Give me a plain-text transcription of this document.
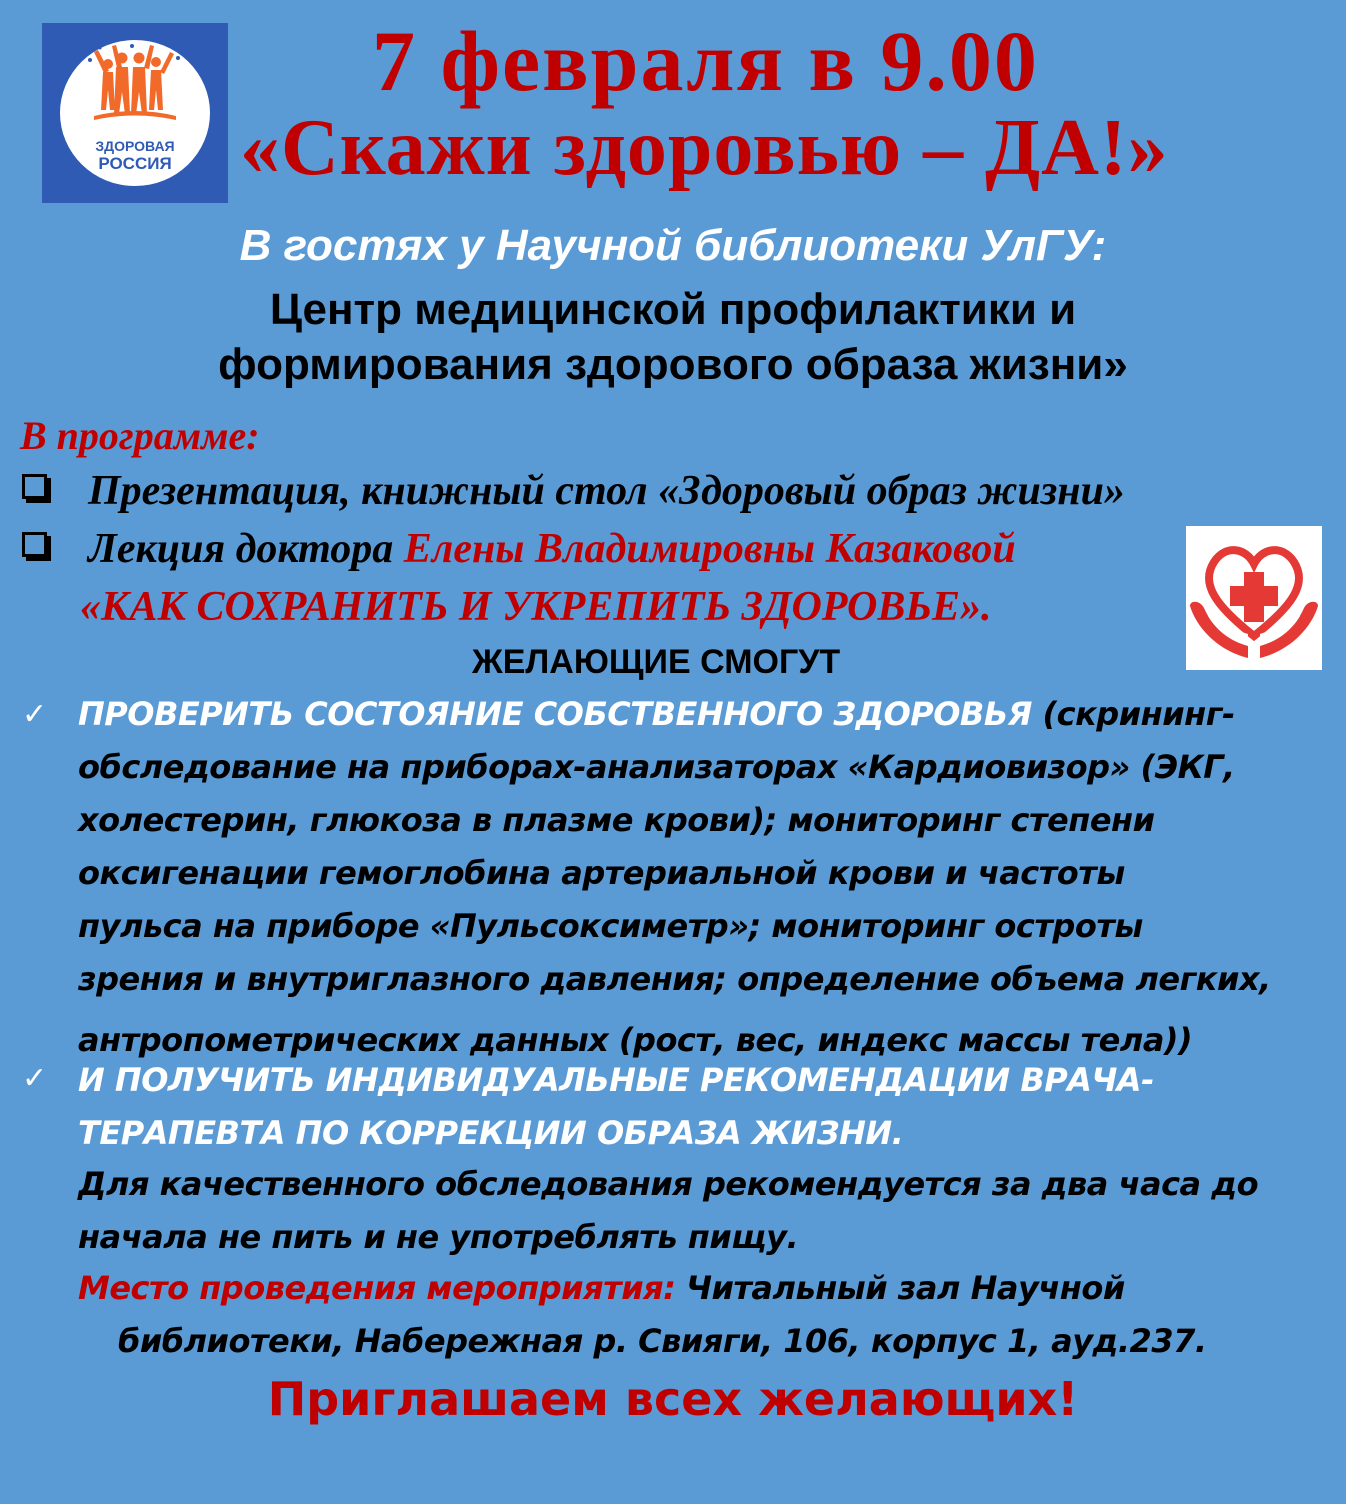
ЗДОРОВАЯ
РОССИЯ
7 февраля в 9.00
«Скажи здоровью – ДА!»
В гостях у Научной библиотеки УлГУ:
Центр медицинской профилактики и
формирования здорового образа жизни»
В программе:
Презентация, книжный стол «Здоровый образ жизни»
Лекция доктора Елены Владимировны Казаковой
«КАК СОХРАНИТЬ И УКРЕПИТЬ ЗДОРОВЬЕ».
ЖЕЛАЮЩИЕ СМОГУТ
✓ ПРОВЕРИТЬ СОСТОЯНИЕ СОБСТВЕННОГО ЗДОРОВЬЯ (скрининг-
обследование на приборах-анализаторах «Кардиовизор» (ЭКГ,
холестерин, глюкоза в плазме крови); мониторинг степени
оксигенации гемоглобина артериальной крови и частоты
пульса на приборе «Пульсоксиметр»; мониторинг остроты
зрения и внутриглазного давления; определение объема легких,
антропометрических данных (рост, вес, индекс массы тела))
✓ И ПОЛУЧИТЬ ИНДИВИДУАЛЬНЫЕ РЕКОМЕНДАЦИИ ВРАЧА-
ТЕРАПЕВТА ПО КОРРЕКЦИИ ОБРАЗА ЖИЗНИ.
Для качественного обследования рекомендуется за два часа до
начала не пить и не употреблять пищу.
Место проведения мероприятия: Читальный зал Научной
библиотеки, Набережная р. Свияги, 106, корпус 1, ауд.237.
Приглашаем всех желающих!
